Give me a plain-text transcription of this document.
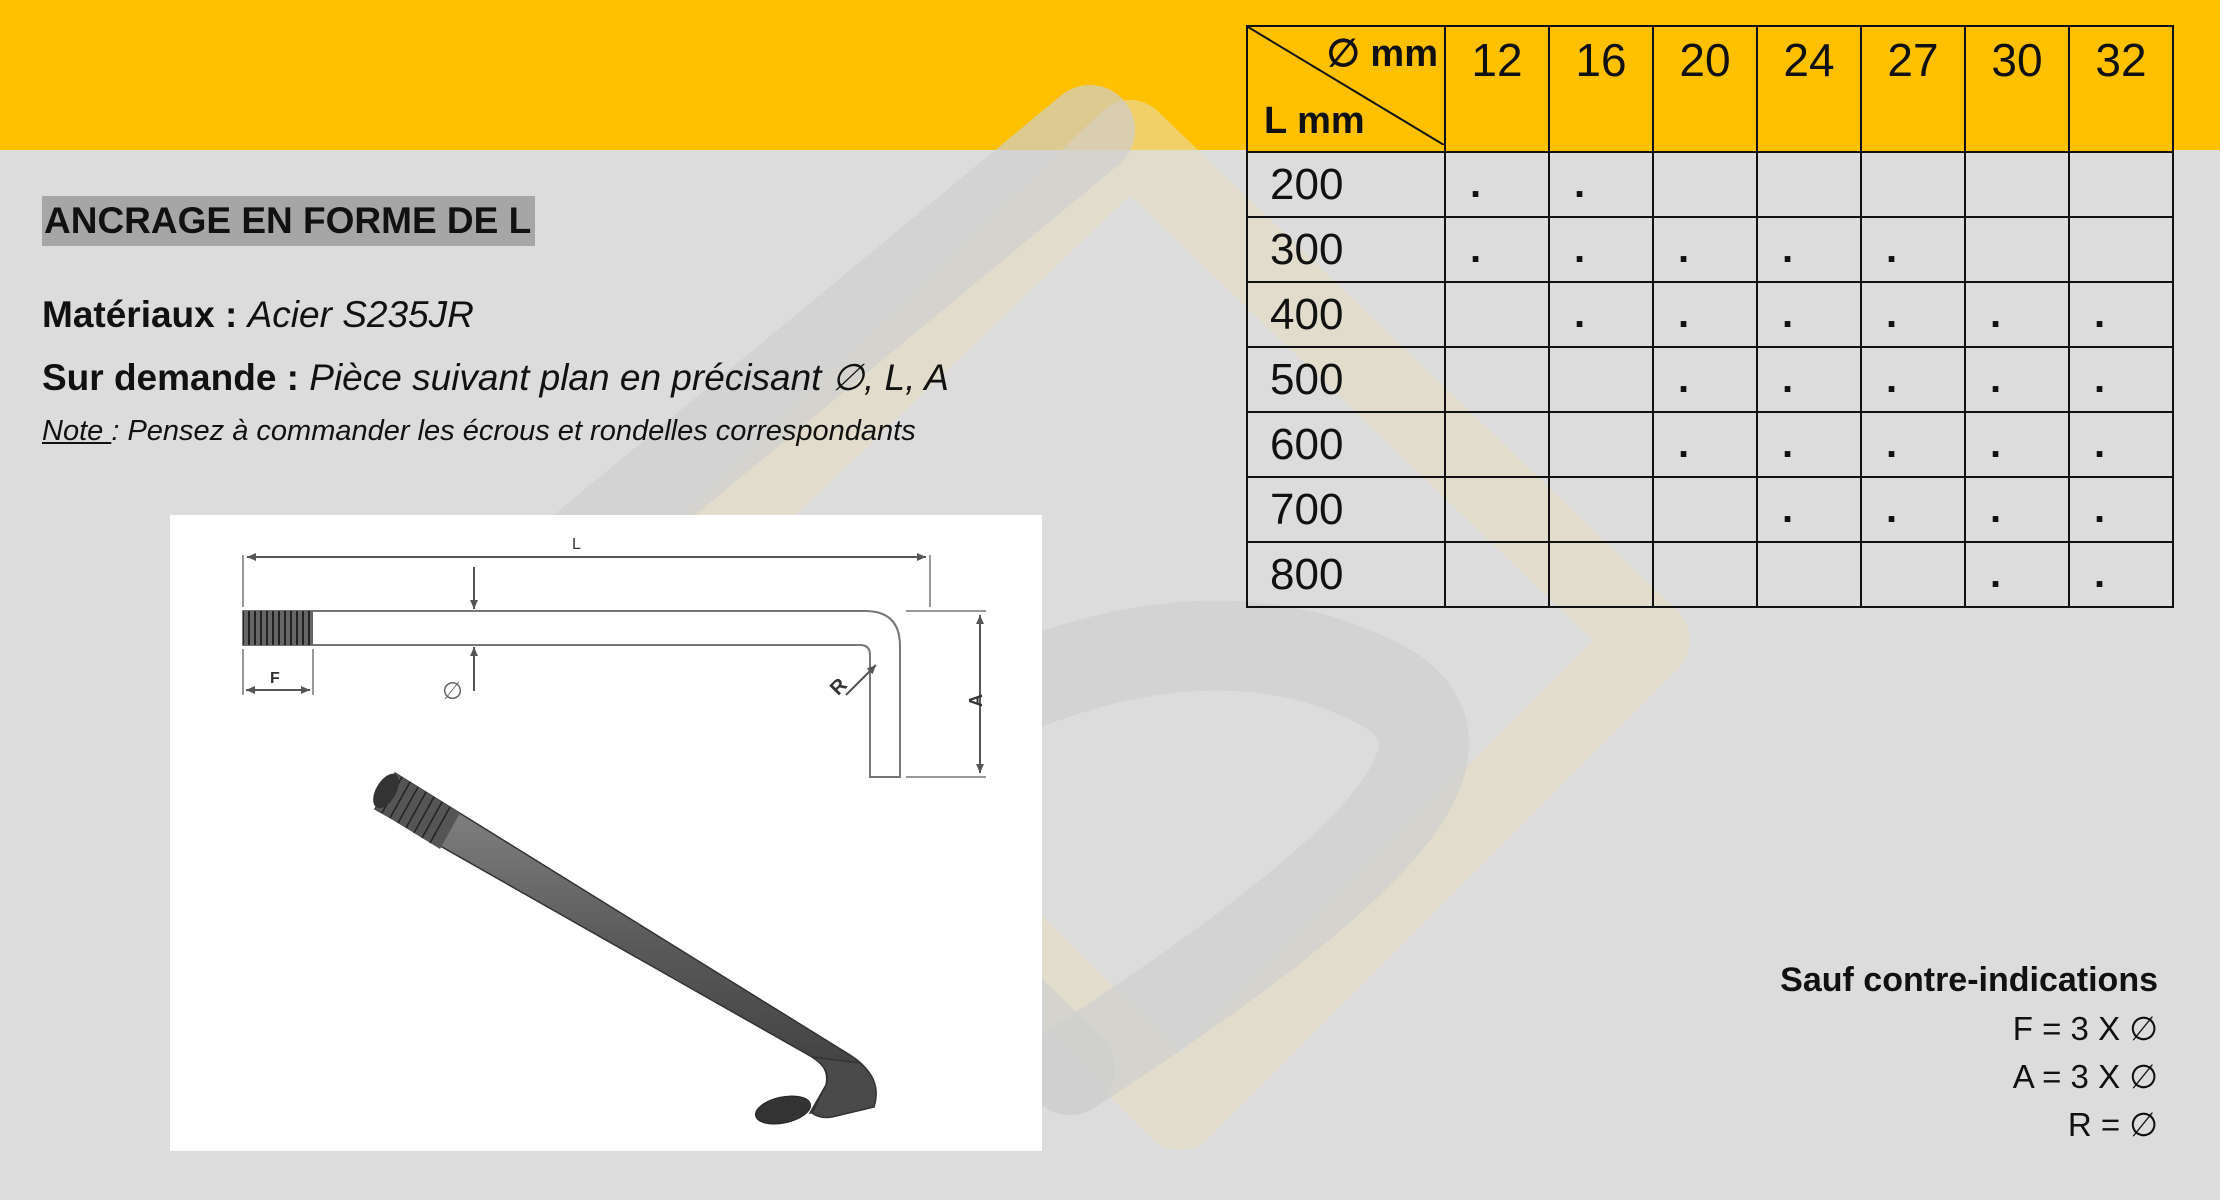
ANCRAGE EN FORME DE L
Matériaux : Acier S235JR
Sur demande : Pièce suivant plan en précisant ∅, L, A
Note : Pensez à commander les écrous et rondelles correspondants
L
F	∅	R
A
∅ mm
L mm	12	16	20	24	27	30	32
200	.	.					
300	.	.	.	.	.		
400		.	.	.	.	.	.
500			.	.	.	.	.
600			.	.	.	.	.
700				.	.	.	.
800						.	.
Sauf contre-indications
F = 3 X ∅
A = 3 X ∅
R = ∅
